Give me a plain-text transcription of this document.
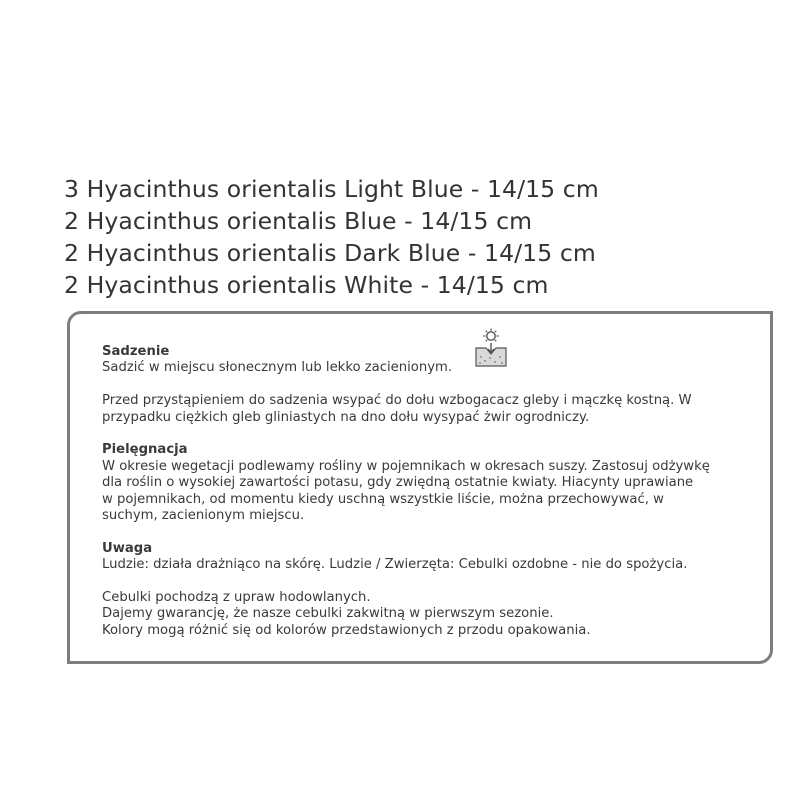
3 Hyacinthus orientalis Light Blue - 14/15 cm
2 Hyacinthus orientalis Blue - 14/15 cm
2 Hyacinthus orientalis Dark Blue - 14/15 cm
2 Hyacinthus orientalis White - 14/15 cm
Sadzenie
Sadzić w miejscu słonecznym lub lekko zacienionym.
Przed przystąpieniem do sadzenia wsypać do dołu wzbogacacz gleby i mączkę kostną. W
przypadku ciężkich gleb gliniastych na dno dołu wysypać żwir ogrodniczy.
Pielęgnacja
W okresie wegetacji podlewamy rośliny w pojemnikach w okresach suszy. Zastosuj odżywkę
dla roślin o wysokiej zawartości potasu, gdy zwiędną ostatnie kwiaty. Hiacynty uprawiane
w pojemnikach, od momentu kiedy uschną wszystkie liście, można przechowywać, w
suchym, zacienionym miejscu.
Uwaga
Ludzie: działa drażniąco na skórę. Ludzie / Zwierzęta: Cebulki ozdobne - nie do spożycia.
Cebulki pochodzą z upraw hodowlanych.
Dajemy gwarancję, że nasze cebulki zakwitną w pierwszym sezonie.
Kolory mogą różnić się od kolorów przedstawionych z przodu opakowania.
